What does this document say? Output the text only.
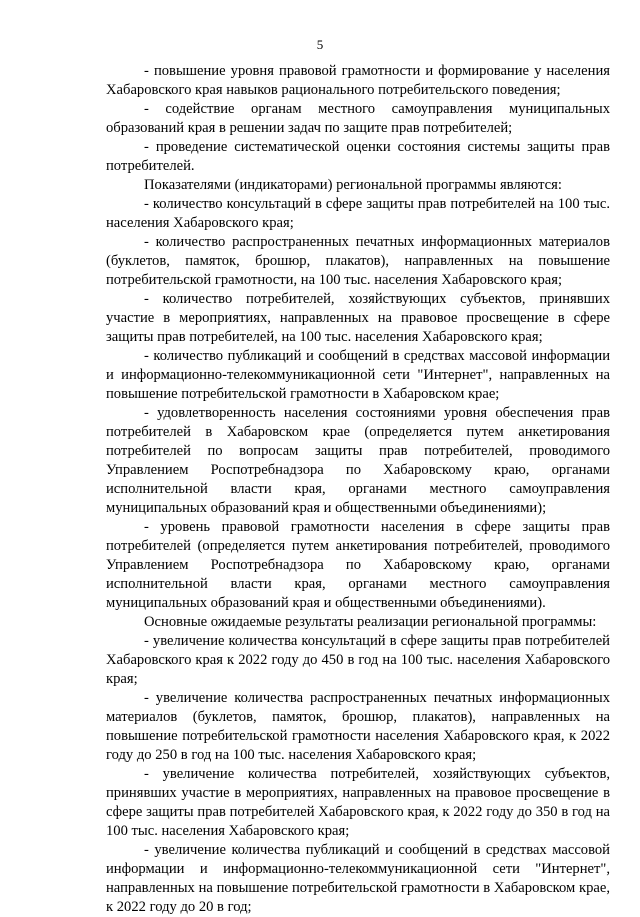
5

- повышение уровня правовой грамотности и формирование у населения Хабаровского края навыков рационального потребительского поведения;

- содействие органам местного самоуправления муниципальных образований края в решении задач по защите прав потребителей;

- проведение систематической оценки состояния системы защиты прав потребителей.

Показателями (индикаторами) региональной программы являются:

- количество консультаций в сфере защиты прав потребителей на 100 тыс. населения Хабаровского края;

- количество распространенных печатных информационных материалов (буклетов, памяток, брошюр, плакатов), направленных на повышение потребительской грамотности, на 100 тыс. населения Хабаровского края;

- количество потребителей, хозяйствующих субъектов, принявших участие в мероприятиях, направленных на правовое просвещение в сфере защиты прав потребителей, на 100 тыс. населения Хабаровского края;

- количество публикаций и сообщений в средствах массовой информации и информационно-телекоммуникационной сети "Интернет", направленных на повышение потребительской грамотности в Хабаровском крае;

- удовлетворенность населения состояниями уровня обеспечения прав потребителей в Хабаровском крае (определяется путем анкетирования потребителей по вопросам защиты прав потребителей, проводимого Управлением Роспотребнадзора по Хабаровскому краю, органами исполнительной власти края, органами местного самоуправления муниципальных образований края и общественными объединениями);

- уровень правовой грамотности населения в сфере защиты прав потребителей (определяется путем анкетирования потребителей, проводимого Управлением Роспотребнадзора по Хабаровскому краю, органами исполнительной власти края, органами местного самоуправления муниципальных образований края и общественными объединениями).

Основные ожидаемые результаты реализации региональной программы:

- увеличение количества консультаций в сфере защиты прав потребителей Хабаровского края к 2022 году до 450 в год на 100 тыс. населения Хабаровского края;

- увеличение количества распространенных печатных информационных материалов (буклетов, памяток, брошюр, плакатов), направленных на повышение потребительской грамотности населения Хабаровского края, к 2022 году до 250 в год на 100 тыс. населения Хабаровского края;

- увеличение количества потребителей, хозяйствующих субъектов, принявших участие в мероприятиях, направленных на правовое просвещение в сфере защиты прав потребителей Хабаровского края, к 2022 году до 350 в год на 100 тыс. населения Хабаровского края;

- увеличение количества публикаций и сообщений в средствах массовой информации и информационно-телекоммуникационной сети "Интернет", направленных на повышение потребительской грамотности в Хабаровском крае, к 2022 году до 20 в год;
